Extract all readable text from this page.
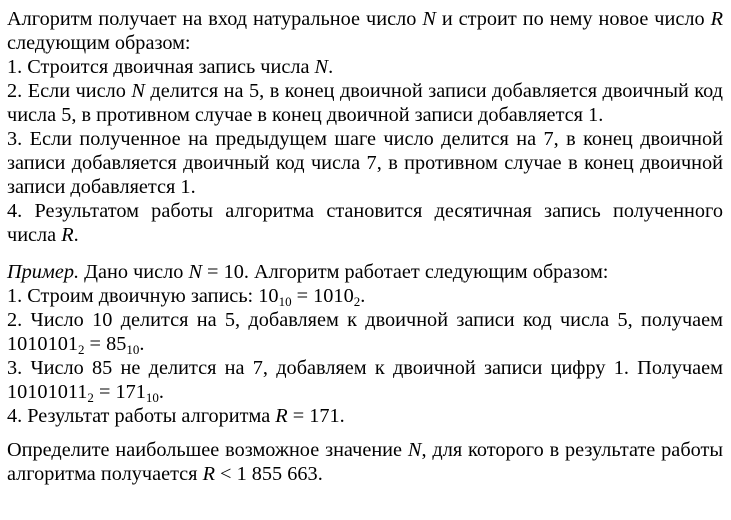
Алгоритм получает на вход натуральное число N и строит по нему новое число R следующим образом:

1. Строится двоичная запись числа N.

2. Если число N делится на 5, в конец двоичной записи добавляется двоичный код числа 5, в противном случае в конец двоичной записи добавляется 1.

3. Если полученное на предыдущем шаге число делится на 7, в конец двоичной записи добавляется двоичный код числа 7, в противном случае в конец двоичной записи добавляется 1.

4. Результатом работы алгоритма становится десятичная запись полученного числа R.

Пример. Дано число N = 10. Алгоритм работает следующим образом:

1. Строим двоичную запись: $10_{10} = 1010_2$.

2. Число 10 делится на 5, добавляем к двоичной записи код числа 5, получаем $1010101_2 = 85_{10}$.

3. Число 85 не делится на 7, добавляем к двоичной записи цифру 1. Получаем $10101011_2 = 171_{10}$.

4. Результат работы алгоритма R = 171.

Определите наибольшее возможное значение N, для которого в результате работы алгоритма получается R < 1 855 663.
